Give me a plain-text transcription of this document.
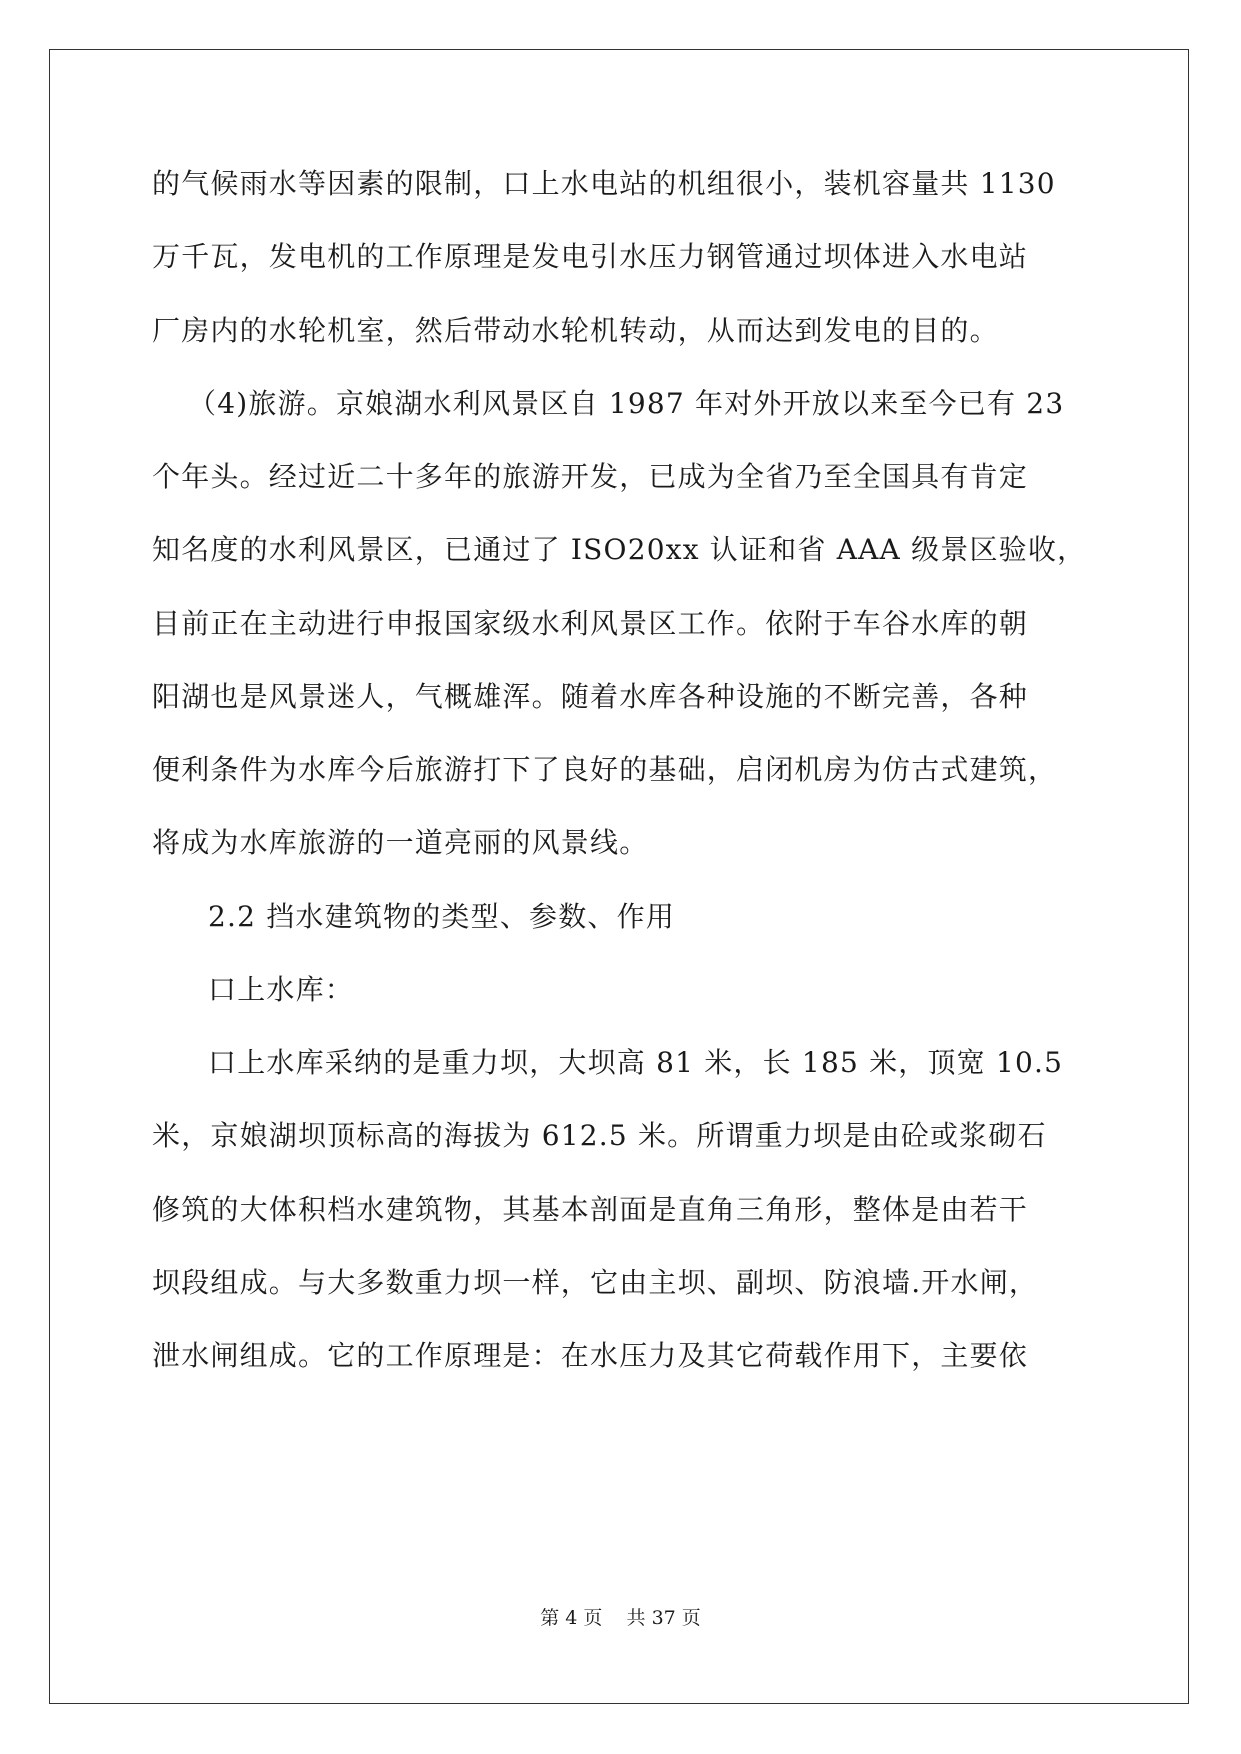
的气候雨水等因素的限制，口上水电站的机组很小，装机容量共 1130
万千瓦，发电机的工作原理是发电引水压力钢管通过坝体进入水电站
厂房内的水轮机室，然后带动水轮机转动，从而达到发电的目的。
（4)旅游。京娘湖水利风景区自 1987 年对外开放以来至今已有 23
个年头。经过近二十多年的旅游开发，已成为全省乃至全国具有肯定
知名度的水利风景区，已通过了 ISO20xx 认证和省 AAA 级景区验收，
目前正在主动进行申报国家级水利风景区工作。依附于车谷水库的朝
阳湖也是风景迷人，气概雄浑。随着水库各种设施的不断完善，各种
便利条件为水库今后旅游打下了良好的基础，启闭机房为仿古式建筑，
将成为水库旅游的一道亮丽的风景线。
2.2 挡水建筑物的类型、参数、作用
口上水库：
口上水库采纳的是重力坝，大坝高 81 米，长 185 米，顶宽 10.5
米，京娘湖坝顶标高的海拔为 612.5 米。所谓重力坝是由砼或浆砌石
修筑的大体积档水建筑物，其基本剖面是直角三角形，整体是由若干
坝段组成。与大多数重力坝一样，它由主坝、副坝、防浪墙.开水闸，
泄水闸组成。它的工作原理是：在水压力及其它荷载作用下，主要依
第 4 页    共 37 页
